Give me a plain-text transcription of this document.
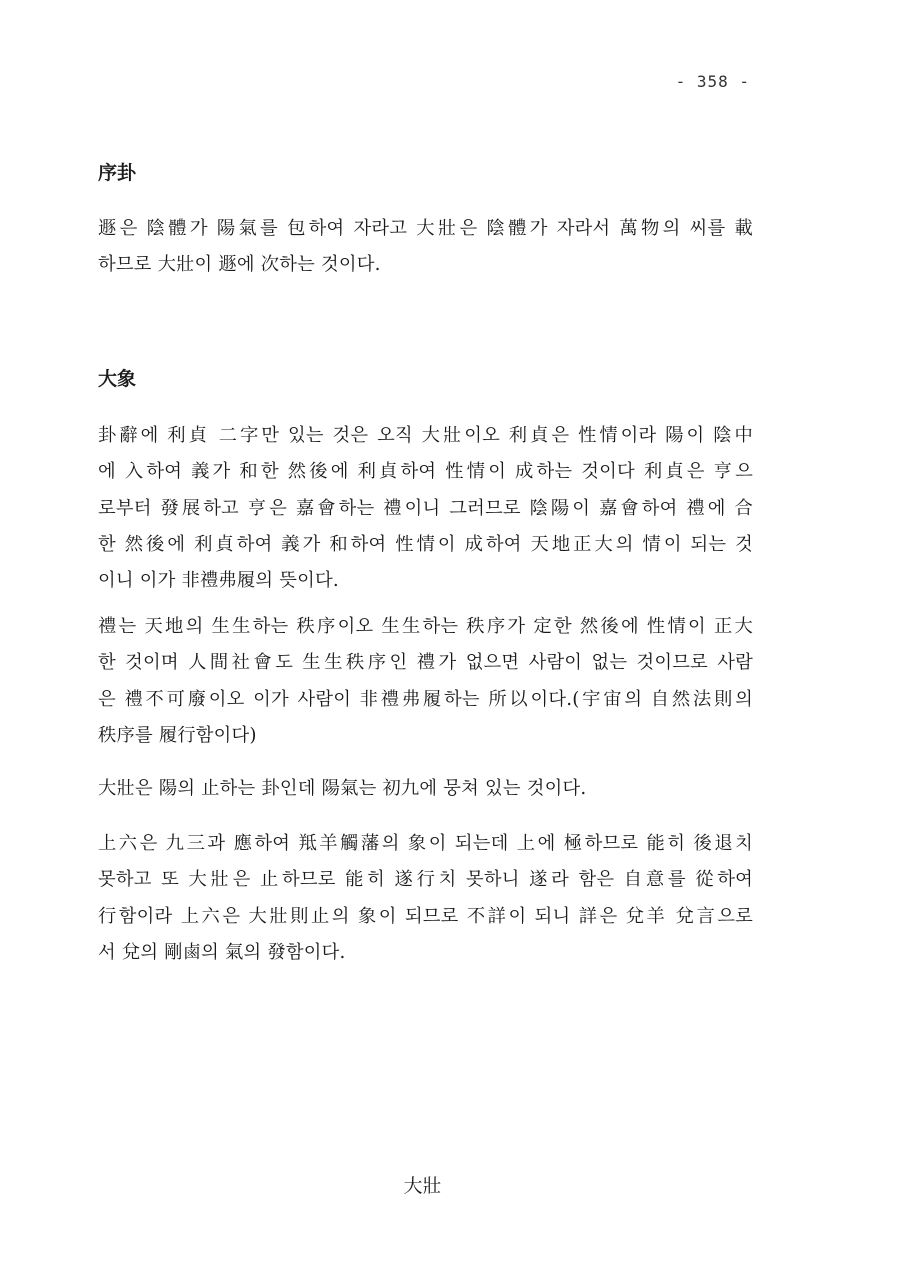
- 358 -
序卦
遯은 陰體가 陽氣를 包하여 자라고 大壯은 陰體가 자라서 萬物의 씨를 載
하므로 大壯이 遯에 次하는 것이다.
大象
卦辭에 利貞 二字만 있는 것은 오직 大壯이오 利貞은 性情이라 陽이 陰中
에 入하여 義가 和한 然後에 利貞하여 性情이 成하는 것이다 利貞은 亨으
로부터 發展하고 亨은 嘉會하는 禮이니 그러므로 陰陽이 嘉會하여 禮에 合
한 然後에 利貞하여 義가 和하여 性情이 成하여 天地正大의 情이 되는 것
이니 이가 非禮弗履의 뜻이다.
禮는 天地의 生生하는 秩序이오 生生하는 秩序가 定한 然後에 性情이 正大
한 것이며 人間社會도 生生秩序인 禮가 없으면 사람이 없는 것이므로 사람
은 禮不可廢이오 이가 사람이 非禮弗履하는 所以이다.(宇宙의 自然法則의
秩序를 履行함이다)
大壯은 陽의 止하는 卦인데 陽氣는 初九에 뭉쳐 있는 것이다.
上六은 九三과 應하여 羝羊觸藩의 象이 되는데 上에 極하므로 能히 後退치
못하고 또 大壯은 止하므로 能히 遂行치 못하니 遂라 함은 自意를 從하여
行함이라 上六은 大壯則止의 象이 되므로 不詳이 되니 詳은 兌羊 兌言으로
서 兌의 剛鹵의 氣의 發함이다.
大壯
